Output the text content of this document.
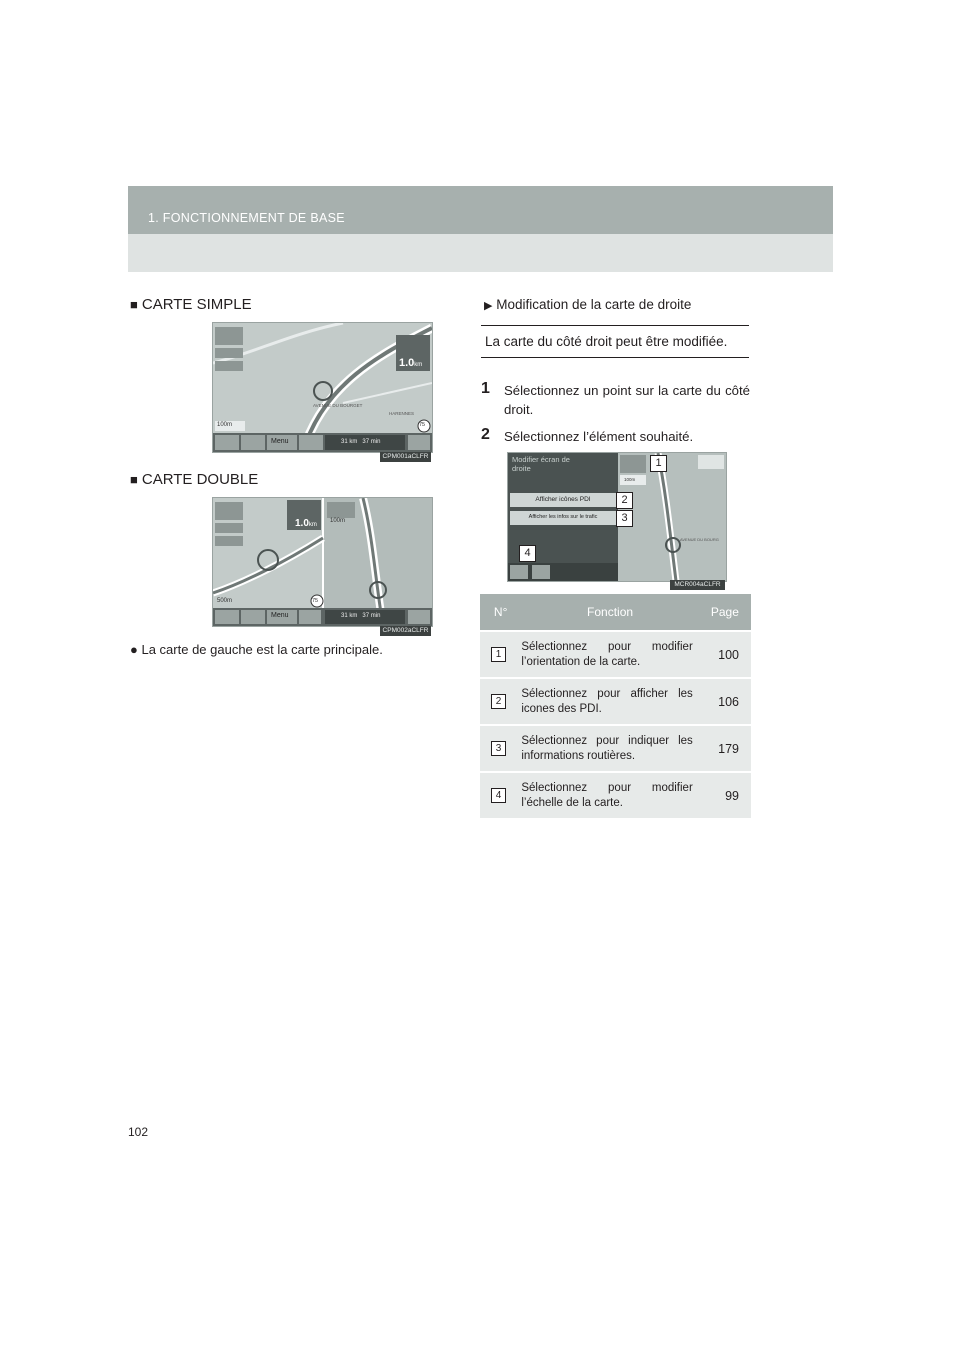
1. FONCTIONNEMENT DE BASE
■ CARTE SIMPLE
1.0km
100m	75
AVENUE DU BOURGET
HARENNES
Menu	31 km 37 min
CPM001aCLFR
■ CARTE DOUBLE
1.0km
500m
100m
75
Menu	31 km 37 min
CPM002aCLFR
● La carte de gauche est la carte principale.
▶ Modification de la carte de droite
La carte du côté droit peut être modifiée.
1 Sélectionnez un point sur la carte du côté droit.
2 Sélectionnez l’élément souhaité.
Modifier écran de droite
Afficher icônes PDI
Afficher les infos sur le trafic
100m
AVENUE DU BOURG
MCR004aCLFR
1
2
3
4
N°	Fonction	Page
1	Sélectionnez pour modifier l’orientation de la carte.	100
2	Sélectionnez pour afficher les icones des PDI.	106
3	Sélectionnez pour indiquer les informations routières.	179
4	Sélectionnez pour modifier l’échelle de la carte.	99
102
